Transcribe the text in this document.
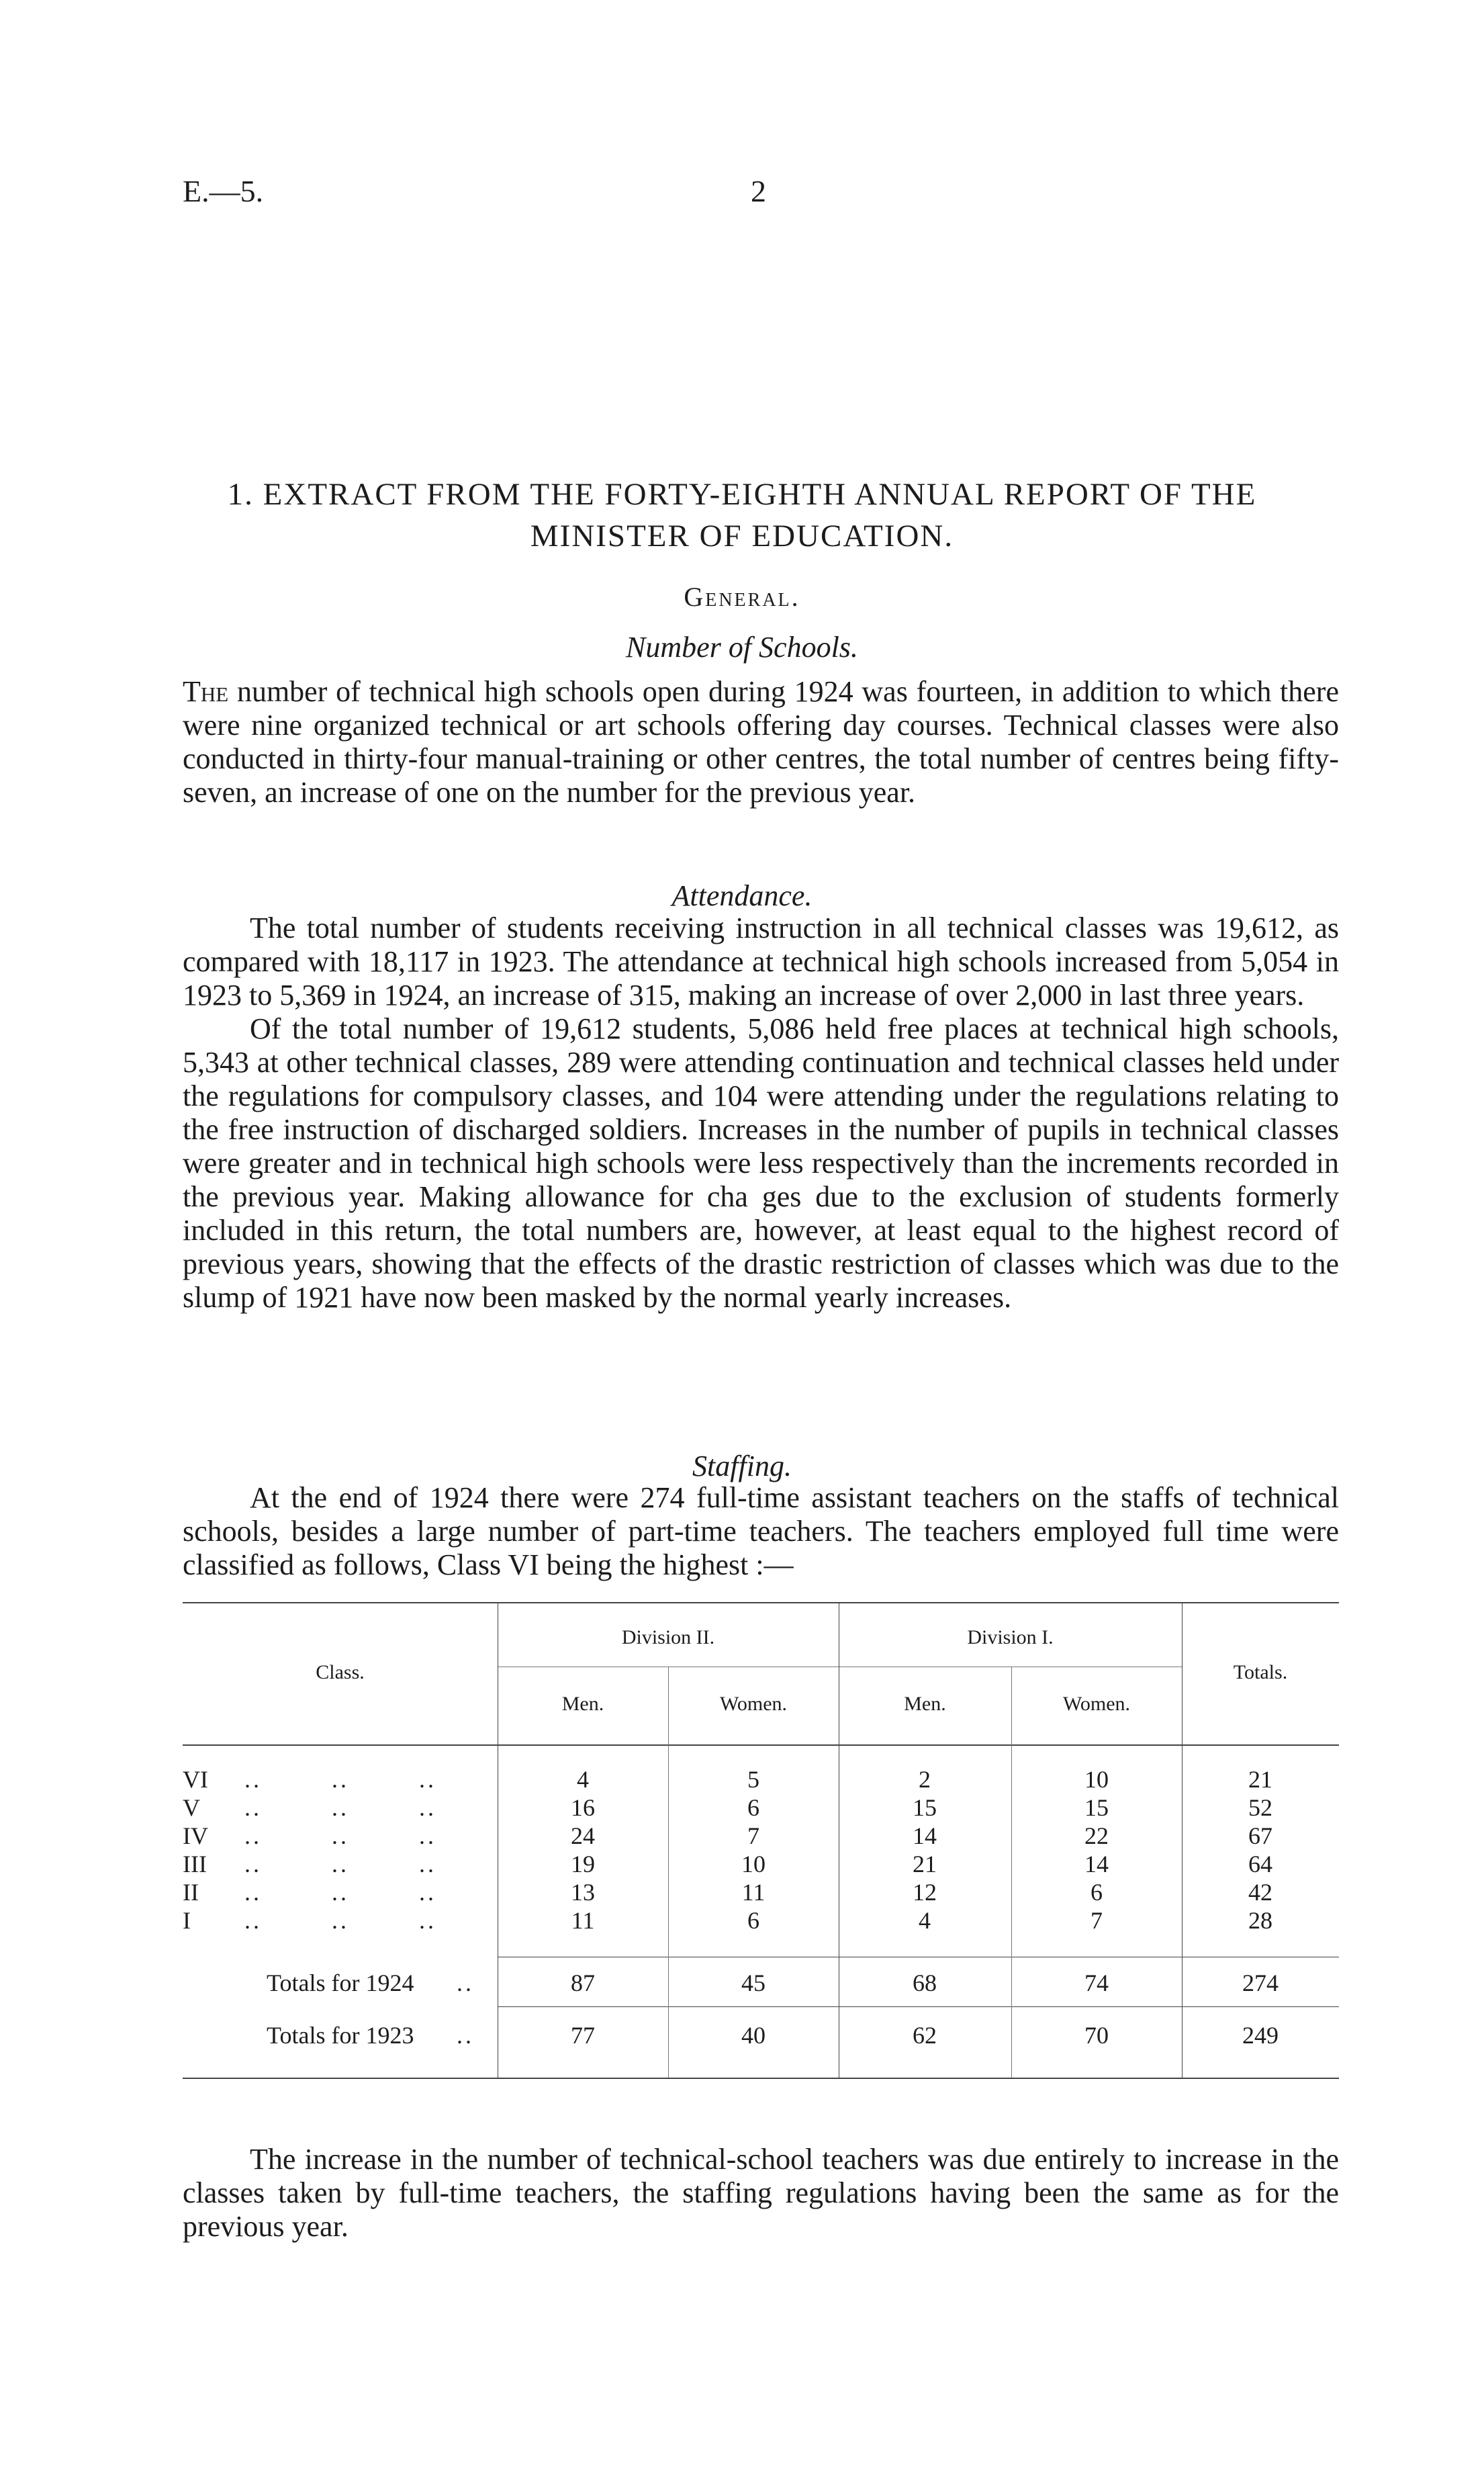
E.—5.	2
1. EXTRACT FROM THE FORTY-EIGHTH ANNUAL REPORT OF THE
MINISTER OF EDUCATION.
General.
Number of Schools.

The number of technical high schools open during 1924 was fourteen, in addition to which there were nine organized technical or art schools offering day courses. Technical classes were also conducted in thirty-four manual-training or other centres, the total number of centres being fifty-seven, an increase of one on the number for the previous year.

Attendance.

The total number of students receiving instruction in all technical classes was 19,612, as compared with 18,117 in 1923. The attendance at technical high schools increased from 5,054 in 1923 to 5,369 in 1924, an increase of 315, making an increase of over 2,000 in last three years.

Of the total number of 19,612 students, 5,086 held free places at technical high schools, 5,343 at other technical classes, 289 were attending continuation and technical classes held under the regulations for compulsory classes, and 104 were attending under the regulations relating to the free instruction of discharged soldiers. Increases in the number of pupils in technical classes were greater and in technical high schools were less respectively than the increments recorded in the previous year. Making allowance for cha ges due to the exclusion of students formerly included in this return, the total numbers are, however, at least equal to the highest record of previous years, showing that the effects of the drastic restriction of classes which was due to the slump of 1921 have now been masked by the normal yearly increases.

Staffing.

At the end of 1924 there were 274 full-time assistant teachers on the staffs of technical schools, besides a large number of part-time teachers. The teachers employed full time were classified as follows, Class VI being the highest :—

Class.
Division II.	Division I.
Totals.
Men.	Women.	Men.	Women.
VI ..        ..        ..	4	5	2	10	21
V ..        ..        ..	16	6	15	15	52
IV ..        ..        ..	24	7	14	22	67
III ..        ..        ..	19	10	21	14	64
II ..        ..        ..	13	11	12	6	42
I ..        ..        ..	11	6	4	7	28
Totals for 1924 ..	87	45	68	74	274
Totals for 1923 ..	77	40	62	70	249

The increase in the number of technical-school teachers was due entirely to increase in the classes taken by full-time teachers, the staffing regulations having been the same as for the previous year.
